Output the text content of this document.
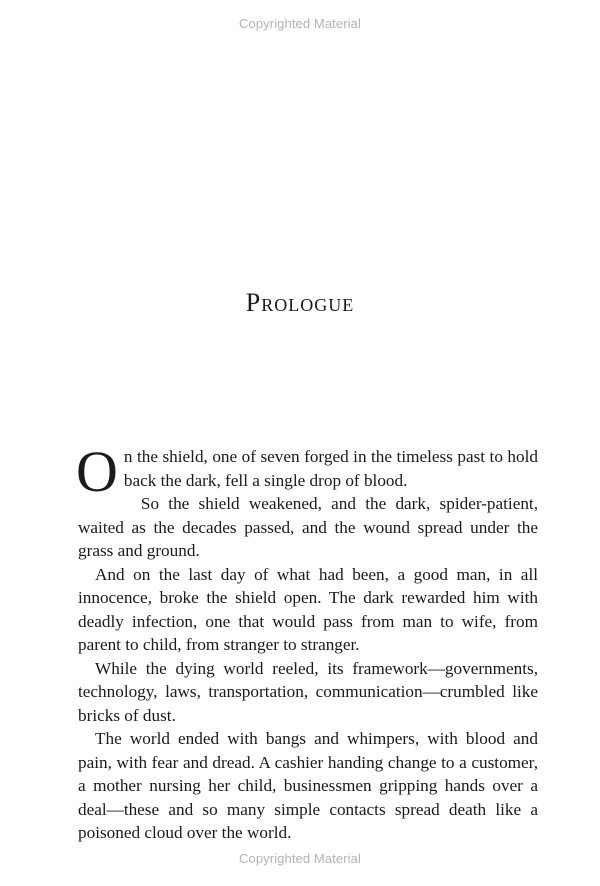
Copyrighted Material
Prologue

On the shield, one of seven forged in the timeless past to hold back the dark, fell a single drop of blood.

So the shield weakened, and the dark, spider-patient, waited as the decades passed, and the wound spread under the grass and ground.

And on the last day of what had been, a good man, in all innocence, broke the shield open. The dark rewarded him with deadly infection, one that would pass from man to wife, from parent to child, from stranger to stranger.

While the dying world reeled, its framework—governments, technology, laws, transportation, communication—crumbled like bricks of dust.

The world ended with bangs and whimpers, with blood and pain, with fear and dread. A cashier handing change to a customer, a mother nursing her child, businessmen gripping hands over a deal—these and so many simple contacts spread death like a poisoned cloud over the world.

Copyrighted Material
